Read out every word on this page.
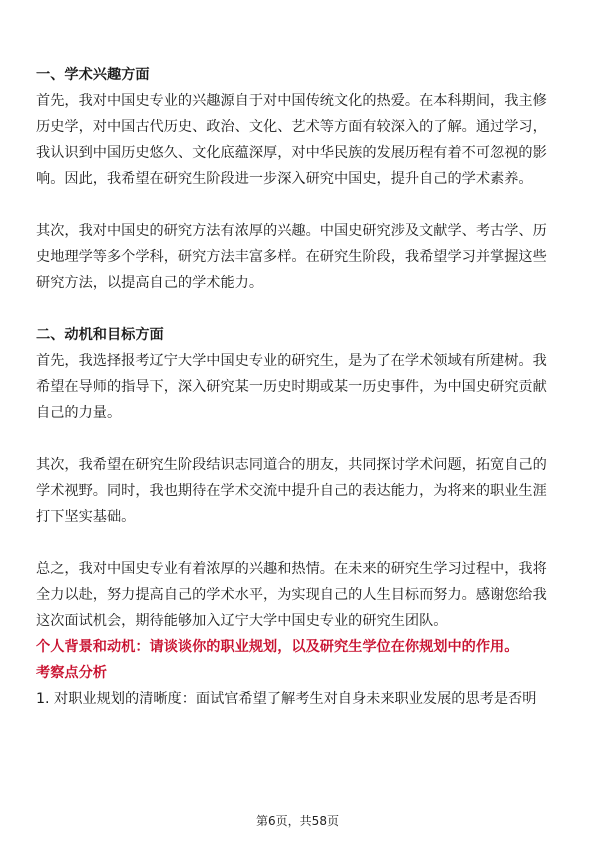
一、学术兴趣方面
首先，我对中国史专业的兴趣源自于对中国传统文化的热爱。在本科期间，我主修
历史学，对中国古代历史、政治、文化、艺术等方面有较深入的了解。通过学习，
我认识到中国历史悠久、文化底蕴深厚，对中华民族的发展历程有着不可忽视的影
响。因此，我希望在研究生阶段进一步深入研究中国史，提升自己的学术素养。
其次，我对中国史的研究方法有浓厚的兴趣。中国史研究涉及文献学、考古学、历
史地理学等多个学科，研究方法丰富多样。在研究生阶段，我希望学习并掌握这些
研究方法，以提高自己的学术能力。
二、动机和目标方面
首先，我选择报考辽宁大学中国史专业的研究生，是为了在学术领域有所建树。我
希望在导师的指导下，深入研究某一历史时期或某一历史事件，为中国史研究贡献
自己的力量。
其次，我希望在研究生阶段结识志同道合的朋友，共同探讨学术问题，拓宽自己的
学术视野。同时，我也期待在学术交流中提升自己的表达能力，为将来的职业生涯
打下坚实基础。
总之，我对中国史专业有着浓厚的兴趣和热情。在未来的研究生学习过程中，我将
全力以赴，努力提高自己的学术水平，为实现自己的人生目标而努力。感谢您给我
这次面试机会，期待能够加入辽宁大学中国史专业的研究生团队。
个人背景和动机：请谈谈你的职业规划，以及研究生学位在你规划中的作用。
考察点分析
1. 对职业规划的清晰度：面试官希望了解考生对自身未来职业发展的思考是否明
第6页，共58页
